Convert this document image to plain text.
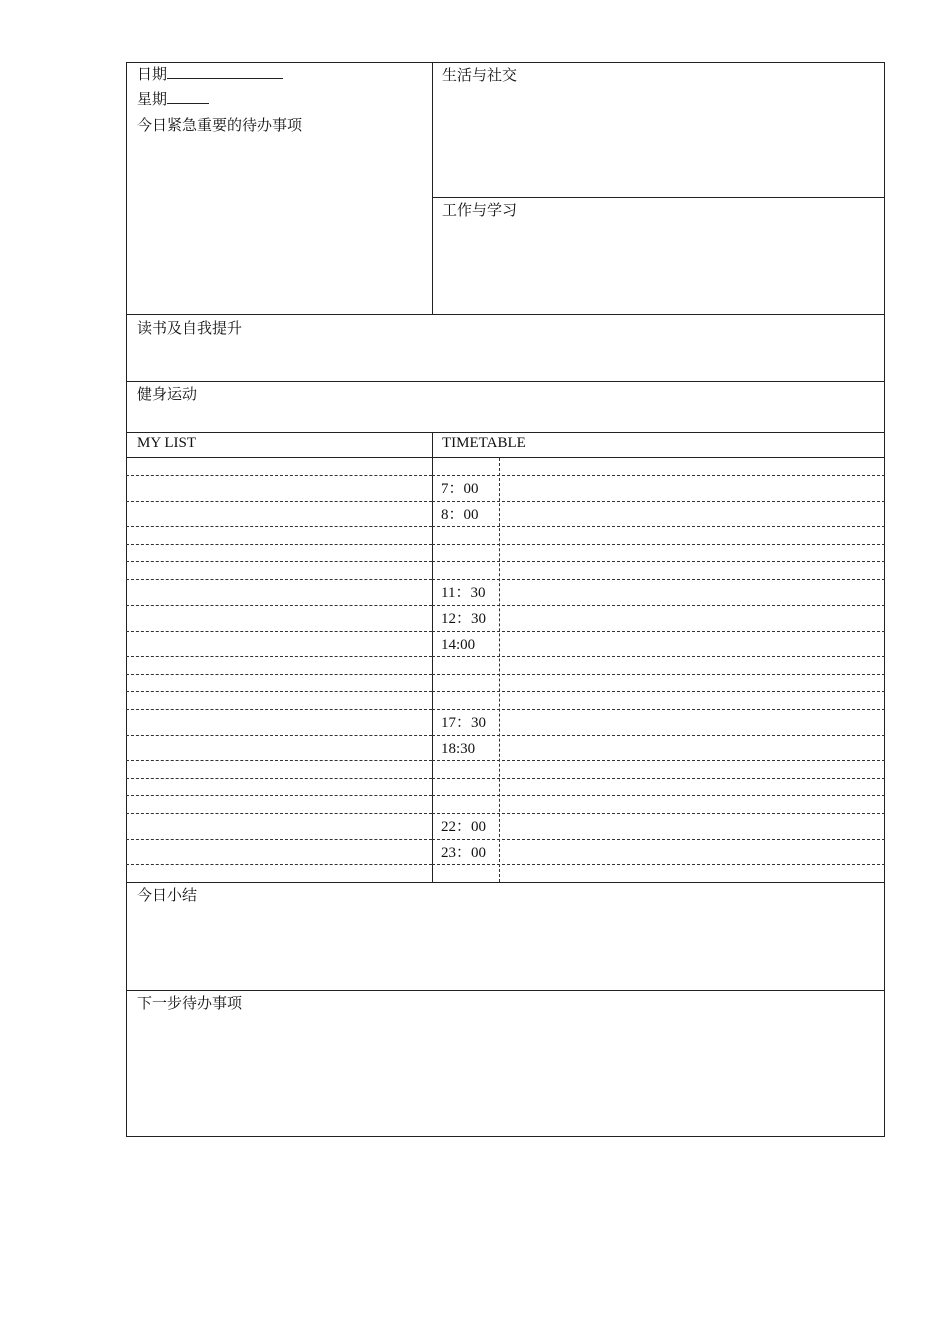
日期
星期
今日紧急重要的待办事项
生活与社交
工作与学习
读书及自我提升
健身运动
MY LIST	TIMETABLE
7：00
8：00
11：30
12：30
14:00
17：30
18:30
22：00
23：00
今日小结
下一步待办事项
